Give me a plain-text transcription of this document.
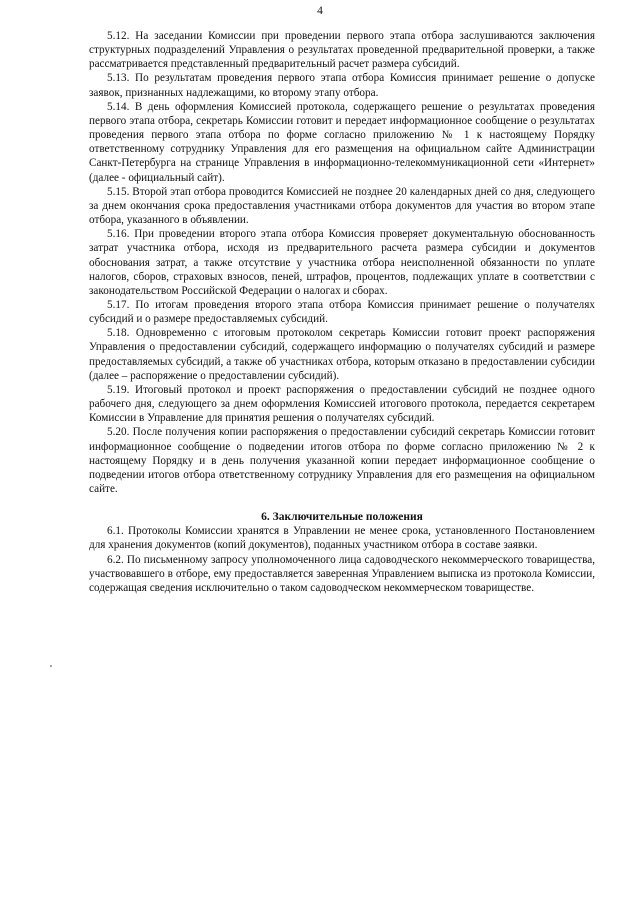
4

5.12. На заседании Комиссии при проведении первого этапа отбора заслушиваются заключения структурных подразделений Управления о результатах проведенной предварительной проверки, а также рассматривается представленный предварительный расчет размера субсидий.

5.13. По результатам проведения первого этапа отбора Комиссия принимает решение о допуске заявок, признанных надлежащими, ко второму этапу отбора.

5.14. В день оформления Комиссией протокола, содержащего решение о результатах проведения первого этапа отбора, секретарь Комиссии готовит и передает информационное сообщение о результатах проведения первого этапа отбора по форме согласно приложению № 1 к настоящему Порядку ответственному сотруднику Управления для его размещения на официальном сайте Администрации Санкт-Петербурга на странице Управления в информационно-телекоммуникационной сети «Интернет» (далее - официальный сайт).

5.15. Второй этап отбора проводится Комиссией не позднее 20 календарных дней со дня, следующего за днем окончания срока предоставления участниками отбора документов для участия во втором этапе отбора, указанного в объявлении.

5.16. При проведении второго этапа отбора Комиссия проверяет документальную обоснованность затрат участника отбора, исходя из предварительного расчета размера субсидии и документов обоснования затрат, а также отсутствие у участника отбора неисполненной обязанности по уплате налогов, сборов, страховых взносов, пеней, штрафов, процентов, подлежащих уплате в соответствии с законодательством Российской Федерации о налогах и сборах.

5.17. По итогам проведения второго этапа отбора Комиссия принимает решение о получателях субсидий и о размере предоставляемых субсидий.

5.18. Одновременно с итоговым протоколом секретарь Комиссии готовит проект распоряжения Управления о предоставлении субсидий, содержащего информацию о получателях субсидий и размере предоставляемых субсидий, а также об участниках отбора, которым отказано в предоставлении субсидии (далее – распоряжение о предоставлении субсидий).

5.19. Итоговый протокол и проект распоряжения о предоставлении субсидий не позднее одного рабочего дня, следующего за днем оформления Комиссией итогового протокола, передается секретарем Комиссии в Управление для принятия решения о получателях субсидий.

5.20. После получения копии распоряжения о предоставлении субсидий секретарь Комиссии готовит информационное сообщение о подведении итогов отбора по форме согласно приложению № 2 к настоящему Порядку и в день получения указанной копии передает информационное сообщение о подведении итогов отбора ответственному сотруднику Управления для его размещения на официальном сайте.

6. Заключительные положения

6.1. Протоколы Комиссии хранятся в Управлении не менее срока, установленного Постановлением для хранения документов (копий документов), поданных участником отбора в составе заявки.

6.2. По письменному запросу уполномоченного лица садоводческого некоммерческого товарищества, участвовавшего в отборе, ему предоставляется заверенная Управлением выписка из протокола Комиссии, содержащая сведения исключительно о таком садоводческом некоммерческом товариществе.
